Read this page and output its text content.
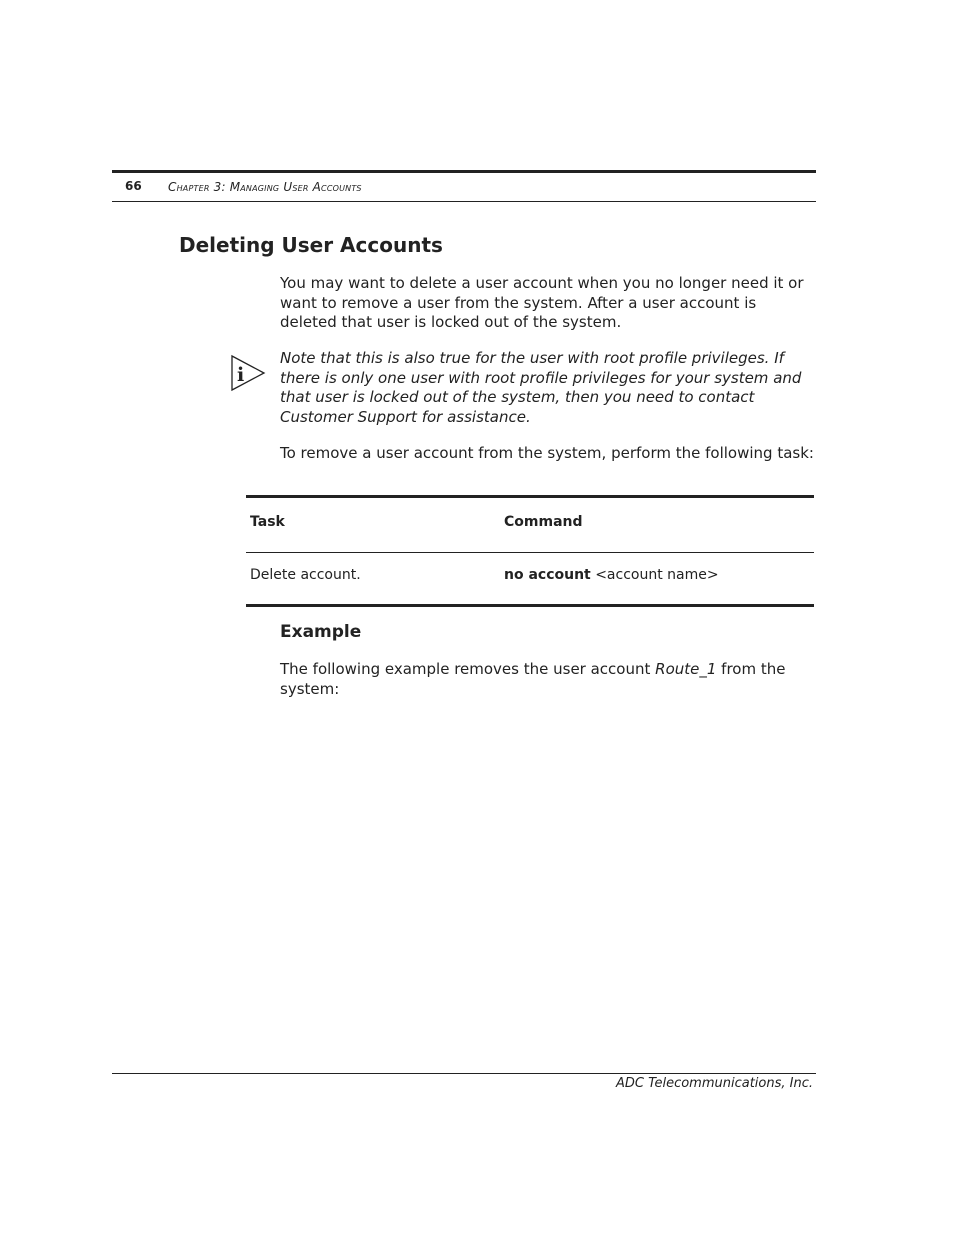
66 Chapter 3: Managing User Accounts
Deleting User Accounts
You may want to delete a user account when you no longer need it or want to remove a user from the system. After a user account is deleted that user is locked out of the system.
i
Note that this is also true for the user with root profile privileges. If there is only one user with root profile privileges for your system and that user is locked out of the system, then you need to contact Customer Support for assistance.
To remove a user account from the system, perform the following task:
Task	Command
Delete account.	no account <account name>
Example
The following example removes the user account Route_1 from the system:
ADC Telecommunications, Inc.
